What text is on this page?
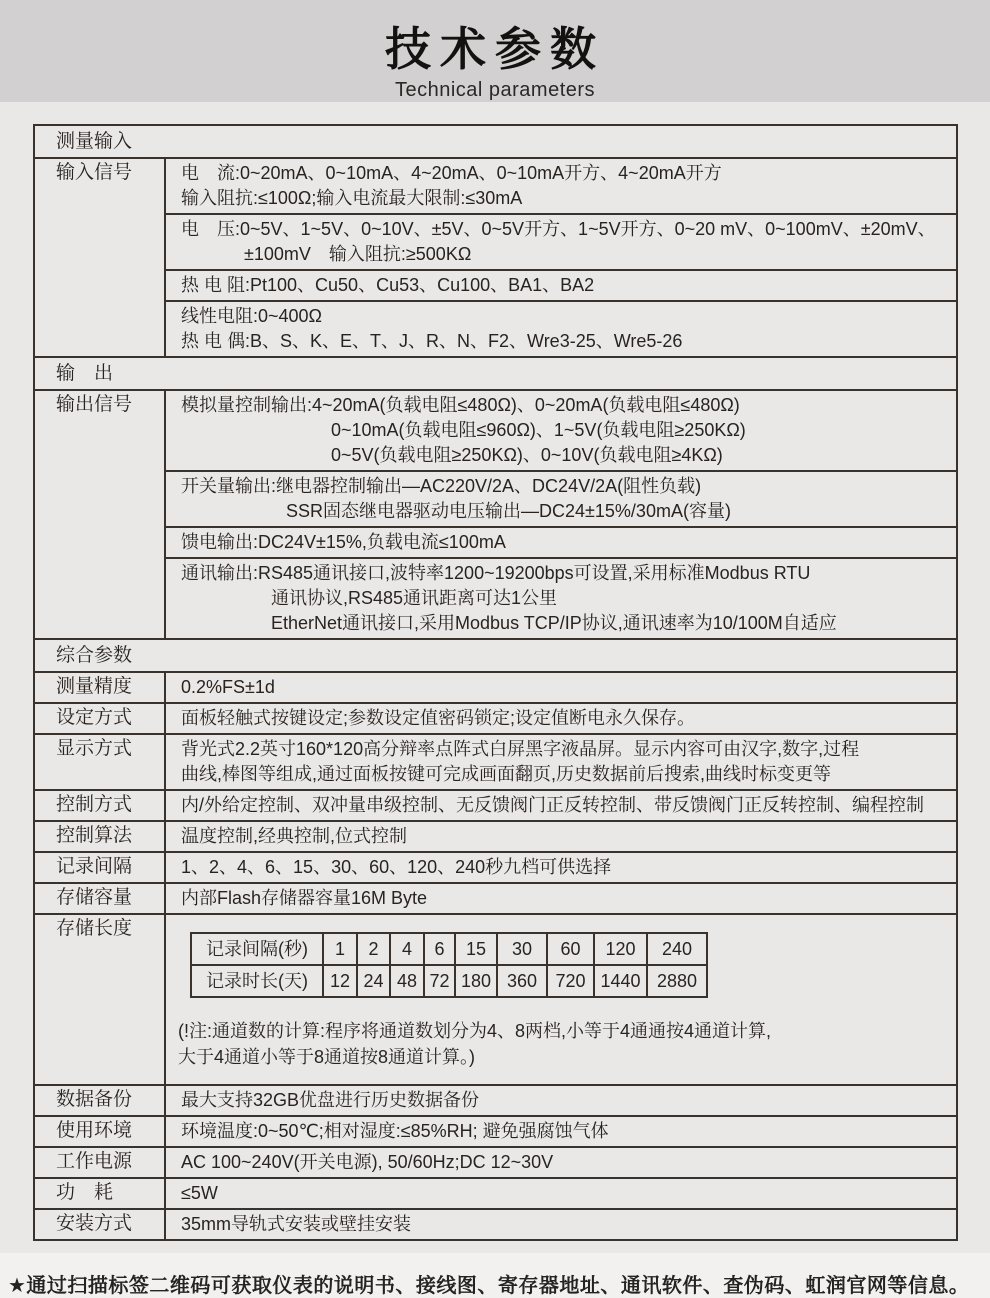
技术参数
Technical parameters
测量输入
输入信号	电　流:0~20mA、0~10mA、4~20mA、0~10mA开方、4~20mA开方
输入阻抗:≤100Ω;输入电流最大限制:≤30mA
电　压:0~5V、1~5V、0~10V、±5V、0~5V开方、1~5V开方、0~20 mV、0~100mV、±20mV、
±100mV　输入阻抗:≥500KΩ
热 电 阻:Pt100、Cu50、Cu53、Cu100、BA1、BA2
线性电阻:0~400Ω
热 电 偶:B、S、K、E、T、J、R、N、F2、Wre3-25、Wre5-26
输　出
输出信号	模拟量控制输出:4~20mA(负载电阻≤480Ω)、0~20mA(负载电阻≤480Ω)
0~10mA(负载电阻≤960Ω)、1~5V(负载电阻≥250KΩ)
0~5V(负载电阻≥250KΩ)、0~10V(负载电阻≥4KΩ)
开关量输出:继电器控制输出—AC220V/2A、DC24V/2A(阻性负载)
SSR固态继电器驱动电压输出—DC24±15%/30mA(容量)
馈电输出:DC24V±15%,负载电流≤100mA
通讯输出:RS485通讯接口,波特率1200~19200bps可设置,采用标准Modbus RTU
通讯协议,RS485通讯距离可达1公里
EtherNet通讯接口,采用Modbus TCP/IP协议,通讯速率为10/100M自适应
综合参数
测量精度	0.2%FS±1d
设定方式	面板轻触式按键设定;参数设定值密码锁定;设定值断电永久保存。
显示方式	背光式2.2英寸160*120高分辩率点阵式白屏黑字液晶屏。显示内容可由汉字,数字,过程
曲线,棒图等组成,通过面板按键可完成画面翻页,历史数据前后搜索,曲线时标变更等
控制方式	内/外给定控制、双冲量串级控制、无反馈阀门正反转控制、带反馈阀门正反转控制、编程控制
控制算法	温度控制,经典控制,位式控制
记录间隔	1、2、4、6、15、30、60、120、240秒九档可供选择
存储容量	内部Flash存储器容量16M Byte
存储长度
记录间隔(秒)	1	2	4	6	15	30	60	120	240
记录时长(天)	12 24 48 72 180 360	720 1440 2880
(!注:通道数的计算:程序将通道数划分为4、8两档,小等于4通通按4通道计算,
大于4通道小等于8通道按8通道计算。)
数据备份	最大支持32GB优盘进行历史数据备份
使用环境	环境温度:0~50℃;相对湿度:≤85%RH; 避免强腐蚀气体
工作电源	AC 100~240V(开关电源), 50/60Hz;DC 12~30V
功　耗	≤5W
安装方式	35mm导轨式安装或壁挂安装
★通过扫描标签二维码可获取仪表的说明书、接线图、寄存器地址、通讯软件、查伪码、虹润官网等信息。
